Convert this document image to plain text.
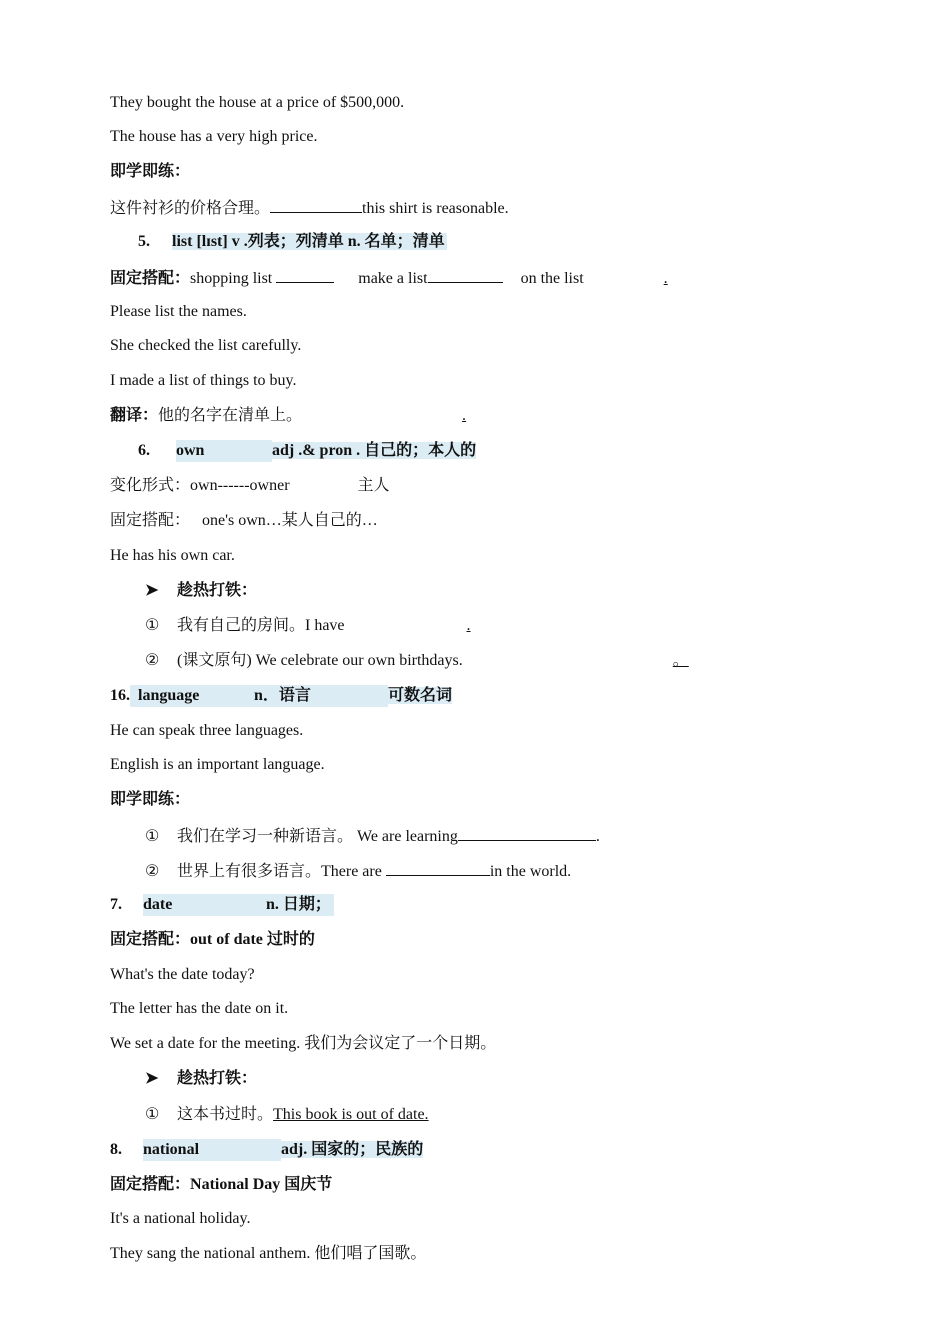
They bought the house at a price of $500,000.
The house has a very high price.
即学即练：
这件衬衫的价格合理。	this shirt is reasonable.
5. list [lɪst] v .列表；列清单 n. 名单；清单
固定搭配：shopping list	make a list	on the list	.
Please list the names.
She checked the list carefully.
I made a list of things to buy.
翻译：他的名字在清单上。	.
6. own	adj .& pron . 自己的；本人的
变化形式：own------owner	主人
固定搭配： one's own…某人自己的…
He has his own car.
➤ 趁热打铁：
① 我有自己的房间。I have	.
② (课文原句) We celebrate our own birthdays.	。
16. language	n．语言	可数名词
He can speak three languages.
English is an important language.
即学即练：
① 我们在学习一种新语言。 We are learning	.
② 世界上有很多语言。There are	in the world.
7. date	n. 日期；
固定搭配：out of date 过时的
What's the date today?
The letter has the date on it.
We set a date for the meeting. 我们为会议定了一个日期。
➤ 趁热打铁：
① 这本书过时。This book is out of date.
8. national	adj. 国家的；民族的
固定搭配：National Day 国庆节
It's a national holiday.
They sang the national anthem. 他们唱了国歌。
